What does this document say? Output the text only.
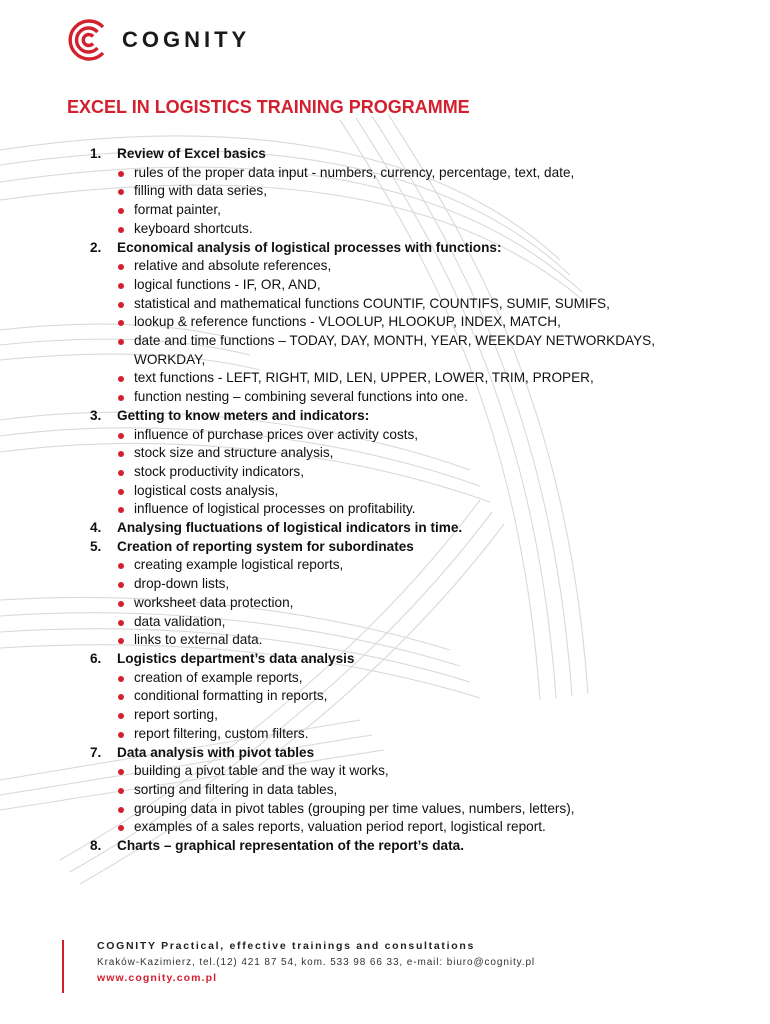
COGNITY
EXCEL IN LOGISTICS TRAINING PROGRAMME
1.	Review of Excel basics
rules of the proper data input - numbers, currency, percentage, text, date,
filling with data series,
format painter,
keyboard shortcuts.
2.	Economical analysis of logistical processes with functions:
relative and absolute references,
logical functions - IF, OR, AND,
statistical and mathematical functions COUNTIF, COUNTIFS, SUMIF, SUMIFS,
lookup & reference functions - VLOOLUP, HLOOKUP, INDEX, MATCH,
date and time functions – TODAY, DAY, MONTH, YEAR, WEEKDAY NETWORKDAYS, WORKDAY,
text functions - LEFT, RIGHT, MID, LEN, UPPER, LOWER, TRIM, PROPER,
function nesting – combining several functions into one.
3.	Getting to know meters and indicators:
influence of purchase prices over activity costs,
stock size and structure analysis,
stock productivity indicators,
logistical costs analysis,
influence of logistical processes on profitability.
4.	Analysing fluctuations of logistical indicators in time.
5.	Creation of reporting system for subordinates
creating example logistical reports,
drop-down lists,
worksheet data protection,
data validation,
links to external data.
6.	Logistics department’s data analysis
creation of example reports,
conditional formatting in reports,
report sorting,
report filtering, custom filters.
7.	Data analysis with pivot tables
building a pivot table and the way it works,
sorting and filtering in data tables,
grouping data in pivot tables (grouping per time values, numbers, letters),
examples of a sales reports, valuation period report, logistical report.
8.	Charts – graphical representation of the report’s data.
COGNITY Practical, effective trainings and consultations
Kraków-Kazimierz, tel.(12) 421 87 54, kom. 533 98 66 33, e-mail: biuro@cognity.pl
www.cognity.com.pl
